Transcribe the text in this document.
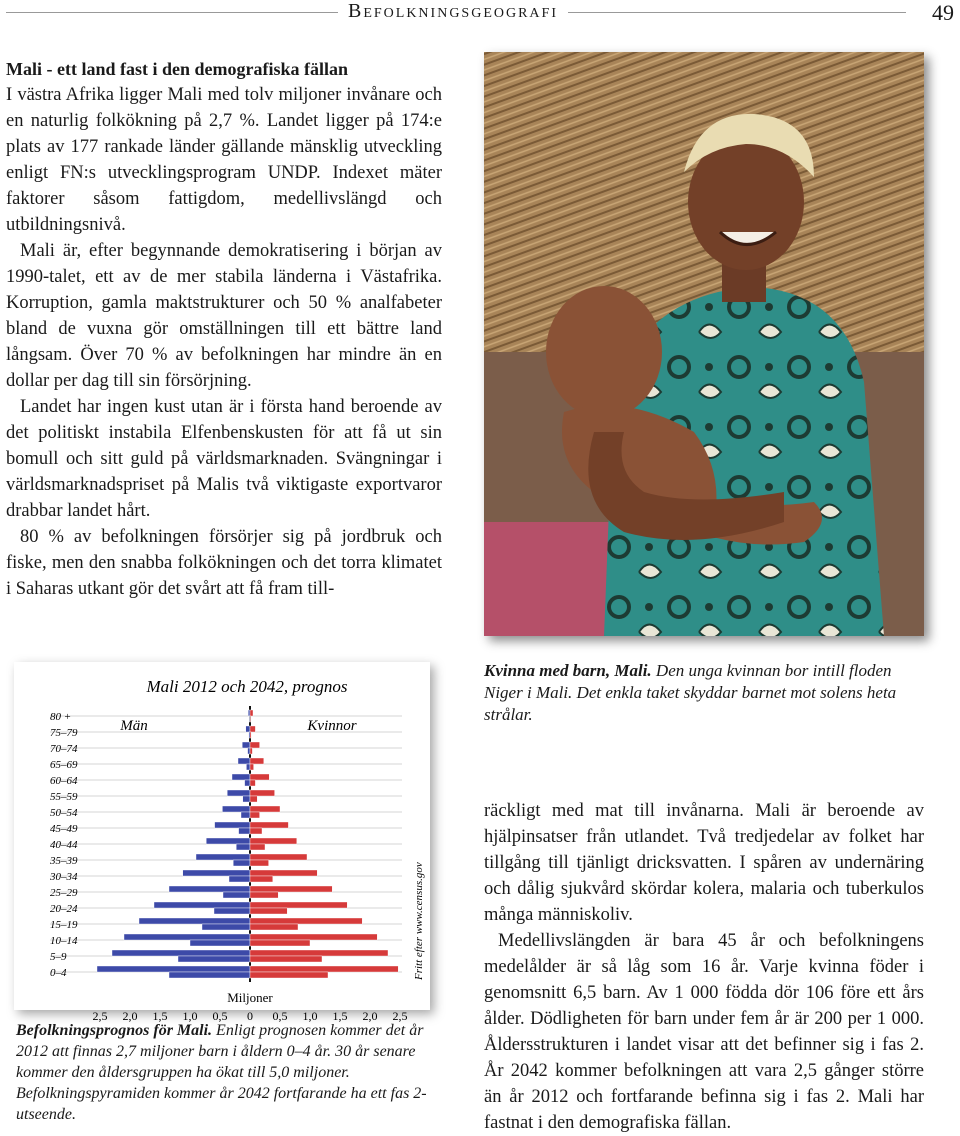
Befolkningsgeografi	49

Mali - ett land fast i den demografiska fällan

I västra Afrika ligger Mali med tolv miljoner invånare och en naturlig folkökning på 2,7 %. Landet ligger på 174:e plats av 177 rankade länder gällande mänsklig utveckling enligt FN:s utvecklingsprogram UNDP. Indexet mäter faktorer såsom fattigdom, medellivslängd och utbildningsnivå.

Mali är, efter begynnande demokratisering i början av 1990-talet, ett av de mer stabila länderna i Västafrika. Korruption, gamla maktstrukturer och 50 % analfabeter bland de vuxna gör omställningen till ett bättre land långsam. Över 70 % av befolkningen har mindre än en dollar per dag till sin försörjning.

Landet har ingen kust utan är i första hand beroende av det politiskt instabila Elfenbenskusten för att få ut sin bomull och sitt guld på världsmarknaden. Svängningar i världsmarknadspriset på Malis två viktigaste exportvaror drabbar landet hårt.

80 % av befolkningen försörjer sig på jordbruk och fiske, men den snabba folkökningen och det torra klimatet i Saharas utkant gör det svårt att få fram till-

Kvinna med barn, Mali. Den unga kvinnan bor intill floden Niger i Mali. Det enkla taket skyddar barnet mot solens heta strålar.

räckligt med mat till invånarna. Mali är beroende av hjälpinsatser från utlandet. Två tredjedelar av folket har tillgång till tjänligt dricksvatten. I spåren av undernäring och dålig sjukvård skördar kolera, malaria och tuberkulos många människoliv.

Medellivslängden är bara 45 år och befolkningens medelålder är så låg som 16 år. Varje kvinna föder i genomsnitt 6,5 barn. Av 1 000 födda dör 106 före ett års ålder. Dödligheten för barn under fem år är 200 per 1 000. Åldersstrukturen i landet visar att det befinner sig i fas 2. År 2042 kommer befolkningen att vara 2,5 gånger större än år 2012 och fortfarande befinna sig i fas 2. Mali har fastnat i den demografiska fällan.

Mali 2012 och 2042, prognos
80 +
75–79
70–74
65–69
60–64
55–59
50–54
45–49
40–44
35–39
30–34
25–29
20–24
15–19
10–14
5–9
0–4
2,5 2,0 1,5 1,0 0,5 0 0,5 1,0 1,5 2,0 2,5
Män	Kvinnor
Miljoner
Fritt efter www.census.gov
Befolkningsprognos för Mali. Enligt prognosen kommer det år 2012 att finnas 2,7 miljoner barn i åldern 0–4 år. 30 år senare kommer den åldersgruppen ha ökat till 5,0 miljoner. Befolkningspyramiden kommer år 2042 fortfarande ha ett fas 2-utseende.
